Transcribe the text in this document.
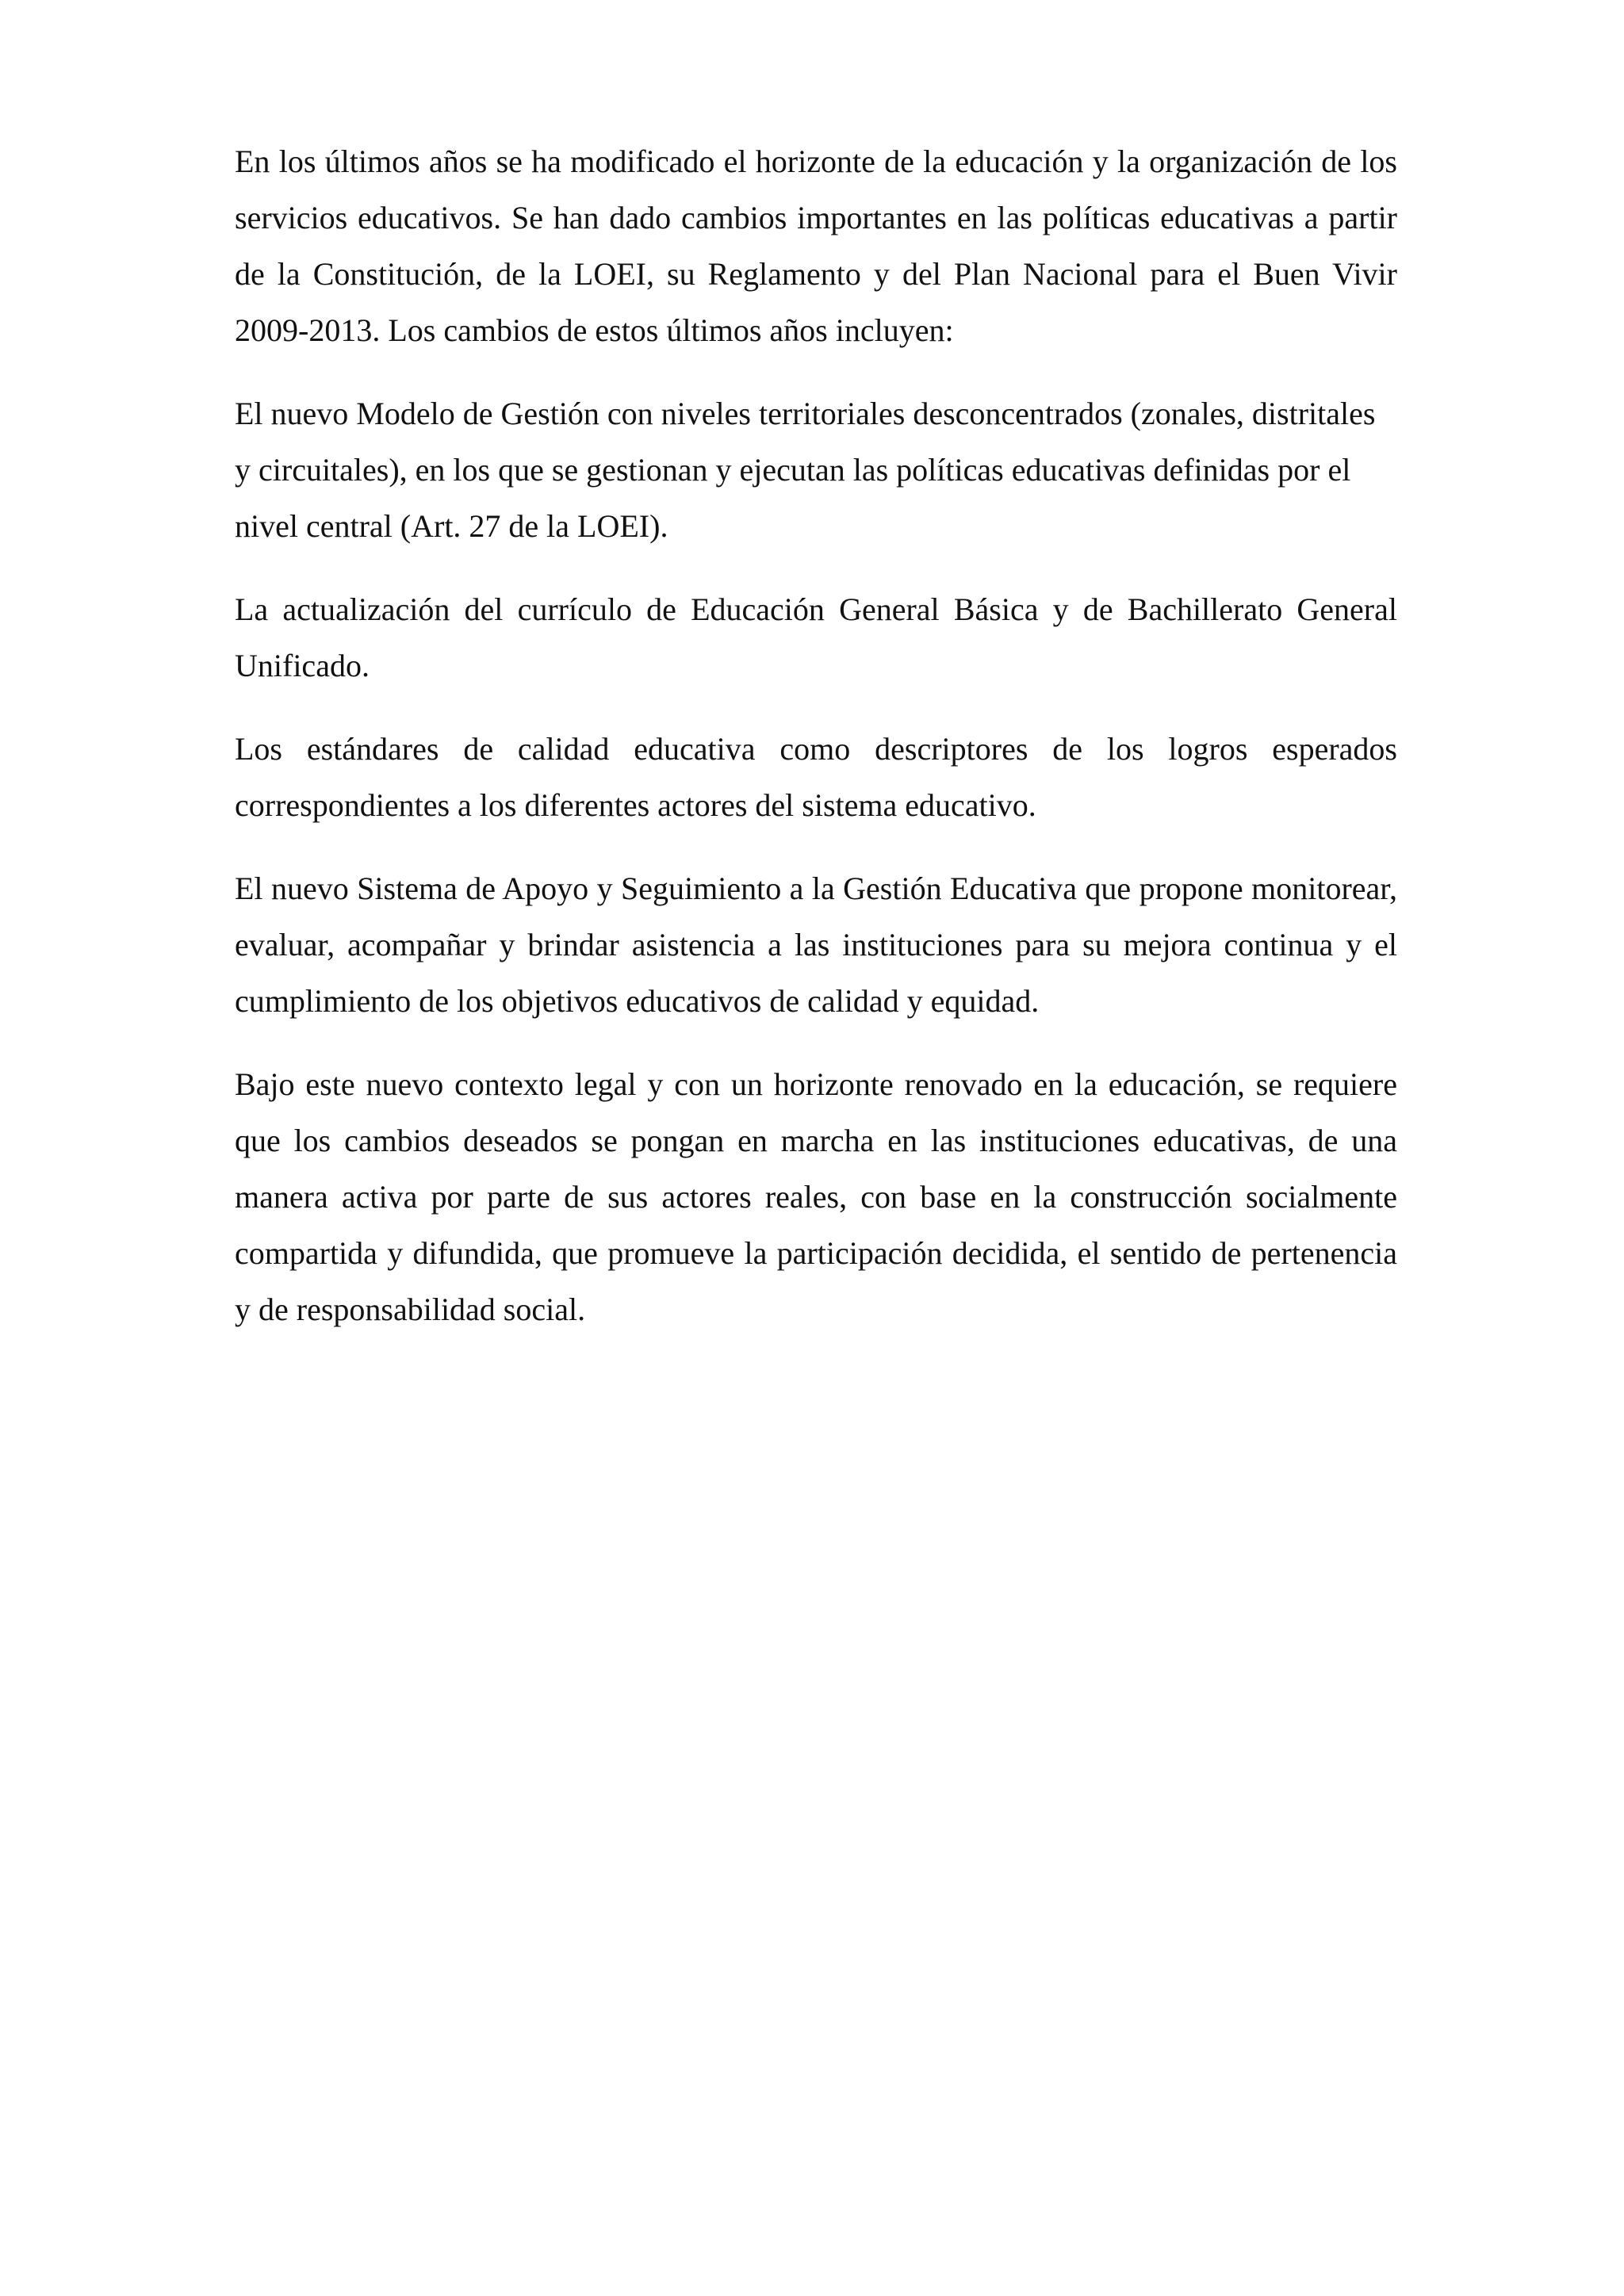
En los últimos años se ha modificado el horizonte de la educación y la organización de los servicios educativos. Se han dado cambios importantes en las políticas educativas a partir de la Constitución, de la LOEI, su Reglamento y del Plan Nacional para el Buen Vivir 2009-2013. Los cambios de estos últimos años incluyen:

El nuevo Modelo de Gestión con niveles territoriales desconcentrados (zonales, distritales y circuitales), en los que se gestionan y ejecutan las políticas educativas definidas por el nivel central (Art. 27 de la LOEI).

La actualización del currículo de Educación General Básica y de Bachillerato General Unificado.

Los estándares de calidad educativa como descriptores de los logros esperados correspondientes a los diferentes actores del sistema educativo.

El nuevo Sistema de Apoyo y Seguimiento a la Gestión Educativa que propone monitorear, evaluar, acompañar y brindar asistencia a las instituciones para su mejora continua y el cumplimiento de los objetivos educativos de calidad y equidad.

Bajo este nuevo contexto legal y con un horizonte renovado en la educación, se requiere que los cambios deseados se pongan en marcha en las instituciones educativas, de una manera activa por parte de sus actores reales, con base en la construcción socialmente compartida y difundida, que promueve la participación decidida, el sentido de pertenencia y de responsabilidad social.
